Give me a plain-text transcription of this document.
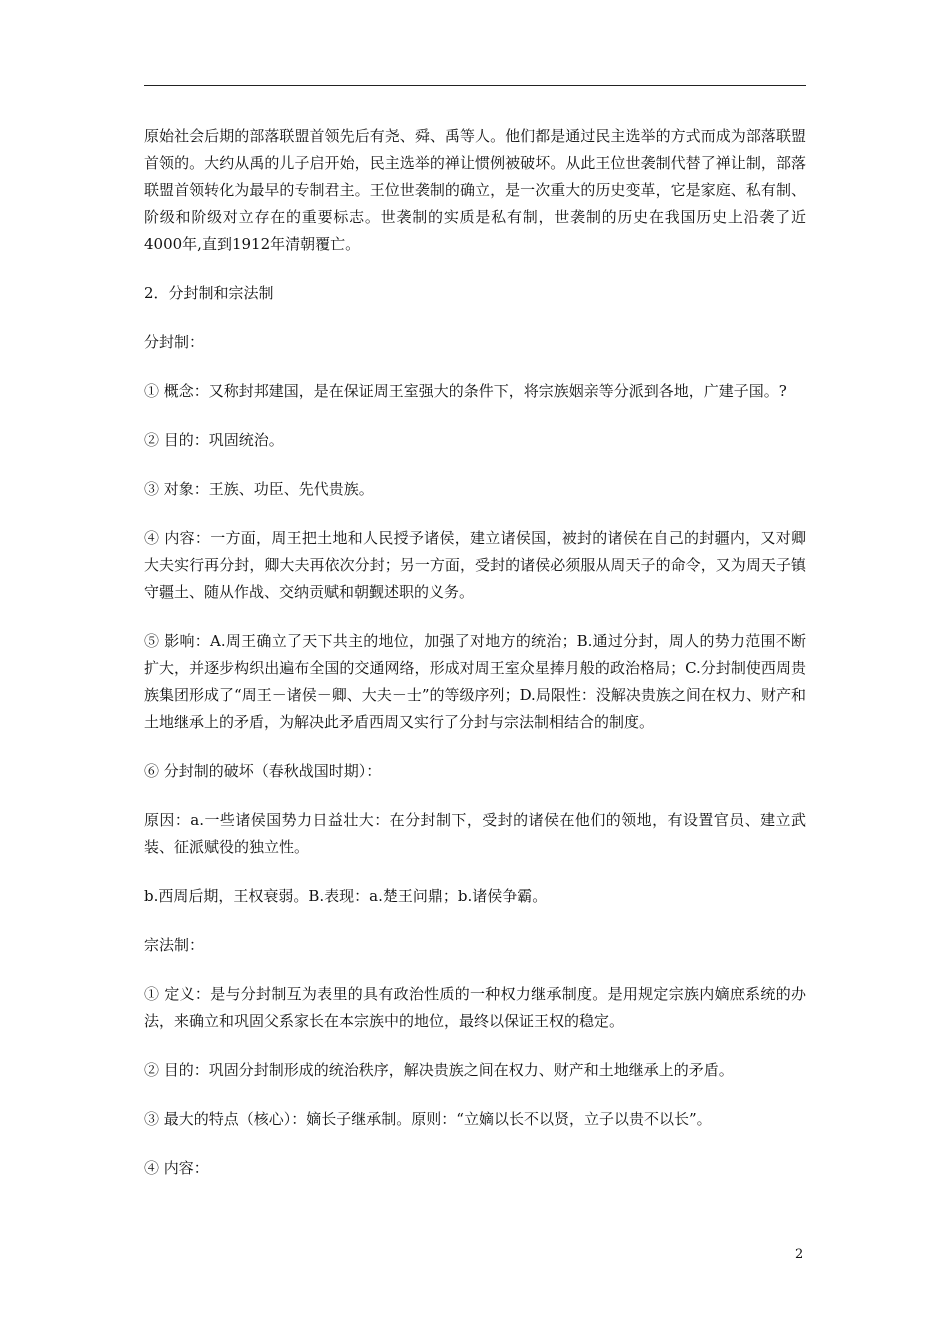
原始社会后期的部落联盟首领先后有尧、舜、禹等人。他们都是通过民主选举的方式而成为部落联盟首领的。大约从禹的儿子启开始，民主选举的禅让惯例被破坏。从此王位世袭制代替了禅让制，部落联盟首领转化为最早的专制君主。王位世袭制的确立，是一次重大的历史变革，它是家庭、私有制、阶级和阶级对立存在的重要标志。世袭制的实质是私有制，世袭制的历史在我国历史上沿袭了近4000年,直到1912年清朝覆亡。

2．分封制和宗法制

分封制：

① 概念：又称封邦建国，是在保证周王室强大的条件下，将宗族姻亲等分派到各地，广建子国。?

② 目的：巩固统治。

③ 对象：王族、功臣、先代贵族。

④ 内容：一方面，周王把土地和人民授予诸侯，建立诸侯国，被封的诸侯在自己的封疆内，又对卿大夫实行再分封，卿大夫再依次分封；另一方面，受封的诸侯必须服从周天子的命令，又为周天子镇守疆土、随从作战、交纳贡赋和朝觐述职的义务。

⑤ 影响：A.周王确立了天下共主的地位，加强了对地方的统治；B.通过分封，周人的势力范围不断扩大，并逐步构织出遍布全国的交通网络，形成对周王室众星捧月般的政治格局；C.分封制使西周贵族集团形成了“周王－诸侯－卿、大夫－士”的等级序列；D.局限性：没解决贵族之间在权力、财产和土地继承上的矛盾，为解决此矛盾西周又实行了分封与宗法制相结合的制度。

⑥ 分封制的破坏（春秋战国时期）：

原因：a.一些诸侯国势力日益壮大：在分封制下，受封的诸侯在他们的领地，有设置官员、建立武装、征派赋役的独立性。

b.西周后期，王权衰弱。B.表现：a.楚王问鼎；b.诸侯争霸。

宗法制：

① 定义：是与分封制互为表里的具有政治性质的一种权力继承制度。是用规定宗族内嫡庶系统的办法，来确立和巩固父系家长在本宗族中的地位，最终以保证王权的稳定。

② 目的：巩固分封制形成的统治秩序，解决贵族之间在权力、财产和土地继承上的矛盾。

③ 最大的特点（核心）：嫡长子继承制。原则：“立嫡以长不以贤，立子以贵不以长”。

④ 内容：

2
